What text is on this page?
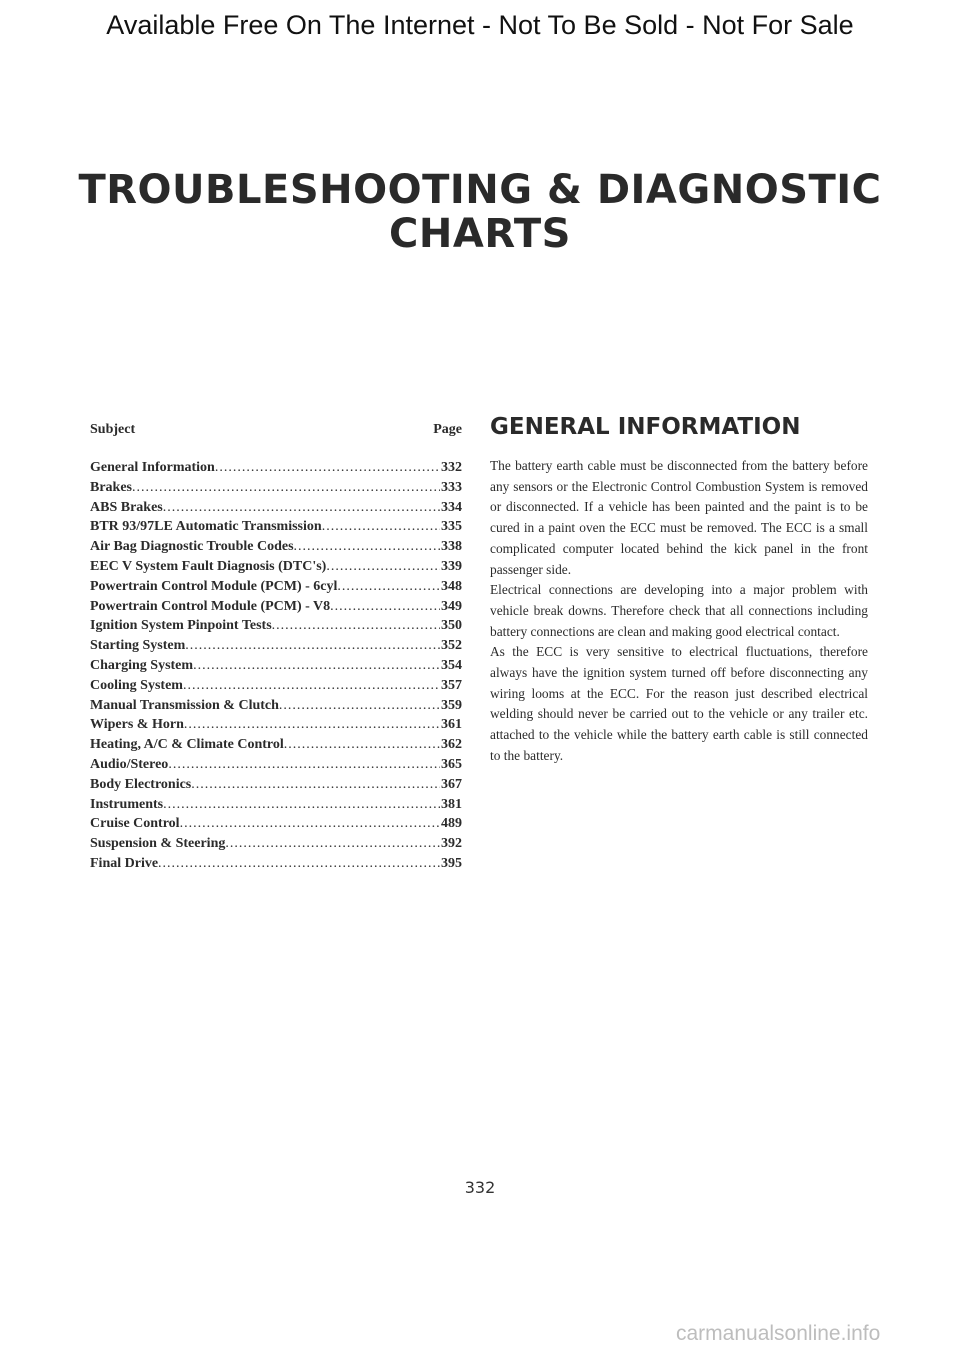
Available Free On The Internet - Not To Be Sold - Not For Sale
TROUBLESHOOTING & DIAGNOSTIC
CHARTS
Subject	Page
General Information .....	332
Brakes .....	333
ABS Brakes .....	334
BTR 93/97LE Automatic Transmission .....	335
Air Bag Diagnostic Trouble Codes .....	338
EEC V System Fault Diagnosis (DTC's) .....	339
Powertrain Control Module (PCM) - 6cyl .....	348
Powertrain Control Module (PCM) - V8 .....	349
Ignition System Pinpoint Tests .....	350
Starting System .....	352
Charging System .....	354
Cooling System .....	357
Manual Transmission & Clutch .....	359
Wipers & Horn .....	361
Heating, A/C & Climate Control .....	362
Audio/Stereo .....	365
Body Electronics .....	367
Instruments .....	381
Cruise Control .....	489
Suspension & Steering .....	392
Final Drive .....	395
GENERAL INFORMATION

The battery earth cable must be disconnected from the battery before any sensors or the Electronic Control Combustion System is removed or disconnected. If a vehicle has been painted and the paint is to be cured in a paint oven the ECC must be removed. The ECC is a small complicated computer located behind the kick panel in the front passenger side.

Electrical connections are developing into a major problem with vehicle break downs. Therefore check that all connections including battery connections are clean and making good electrical contact.

As the ECC is very sensitive to electrical fluctuations, therefore always have the ignition system turned off before disconnecting any wiring looms at the ECC. For the reason just described electrical welding should never be carried out to the vehicle or any trailer etc. attached to the vehicle while the battery earth cable is still connected to the battery.

332
carmanualsonline.info
